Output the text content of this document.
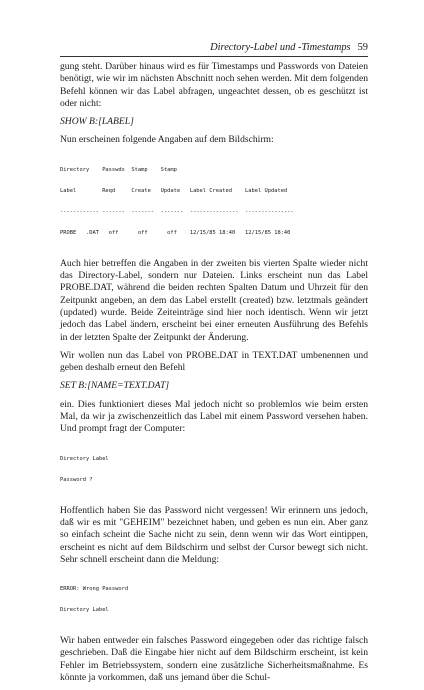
Directory-Label und -Timestamps 59

gung steht. Darüber hinaus wird es für Timestamps und Passwords von Dateien benötigt, wie wir im nächsten Abschnitt noch sehen werden. Mit dem folgenden Befehl können wir das Label abfragen, ungeachtet dessen, ob es geschützt ist oder nicht:

SHOW B:[LABEL]

Nun erscheinen folgende Angaben auf dem Bildschirm:

Directory    Passwds  Stamp    Stamp

Label        Reqd     Create   Update   Label Created    Label Updated

------------ -------  -------  -------  ---------------  ---------------

PROBE   .DAT   off      off      off    12/15/85 18:40   12/15/85 18:40

Auch hier betreffen die Angaben in der zweiten bis vierten Spalte wieder nicht das Directory-Label, sondern nur Dateien. Links erscheint nun das Label PROBE.DAT, während die beiden rechten Spalten Datum und Uhrzeit für den Zeitpunkt angeben, an dem das Label erstellt (created) bzw. letztmals geändert (updated) wurde. Beide Zeiteinträge sind hier noch identisch. Wenn wir jetzt jedoch das Label ändern, erscheint bei einer erneuten Ausführung des Befehls in der letzten Spalte der Zeitpunkt der Änderung.

Wir wollen nun das Label von PROBE.DAT in TEXT.DAT umbenennen und geben deshalb erneut den Befehl

SET B:[NAME=TEXT.DAT]

ein. Dies funktioniert dieses Mal jedoch nicht so problemlos wie beim ersten Mal, da wir ja zwischenzeitlich das Label mit einem Password versehen haben. Und prompt fragt der Computer:

Directory Label

Password ?

Hoffentlich haben Sie das Password nicht vergessen! Wir erinnern uns jedoch, daß wir es mit "GEHEIM" bezeichnet haben, und geben es nun ein. Aber ganz so einfach scheint die Sache nicht zu sein, denn wenn wir das Wort eintippen, erscheint es nicht auf dem Bildschirm und selbst der Cursor bewegt sich nicht. Sehr schnell erscheint dann die Meldung:

ERROR: Wrong Password

Directory Label

Wir haben entweder ein falsches Password eingegeben oder das richtige falsch geschrieben. Daß die Eingabe hier nicht auf dem Bildschirm erscheint, ist kein Fehler im Betriebssystem, sondern eine zusätzliche Sicherheitsmaßnahme. Es könnte ja vorkommen, daß uns jemand über die Schul-
